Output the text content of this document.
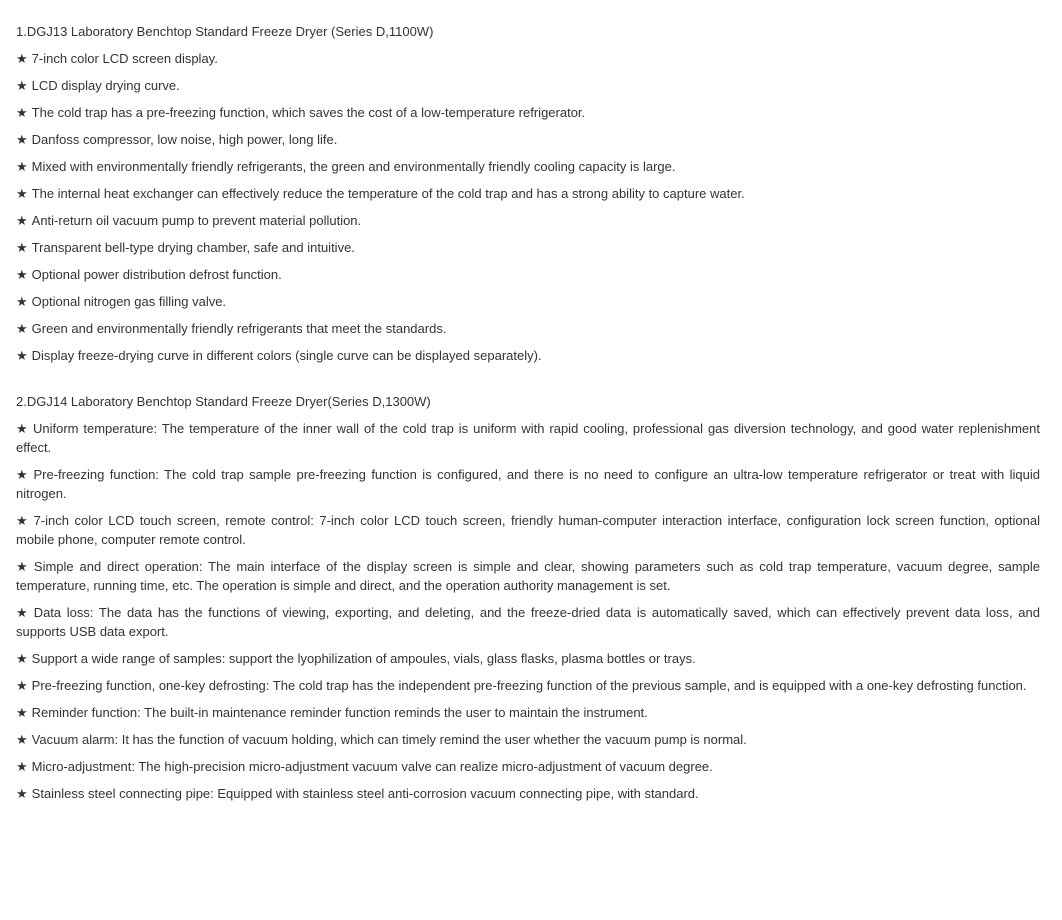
1.DGJ13 Laboratory Benchtop Standard Freeze Dryer (Series D,1100W)

★ 7-inch color LCD screen display.
★ LCD display drying curve.
★ The cold trap has a pre-freezing function, which saves the cost of a low-temperature refrigerator.
★ Danfoss compressor, low noise, high power, long life.
★ Mixed with environmentally friendly refrigerants, the green and environmentally friendly cooling capacity is large.
★ The internal heat exchanger can effectively reduce the temperature of the cold trap and has a strong ability to capture water.
★ Anti-return oil vacuum pump to prevent material pollution.
★ Transparent bell-type drying chamber, safe and intuitive.
★ Optional power distribution defrost function.
★ Optional nitrogen gas filling valve.
★ Green and environmentally friendly refrigerants that meet the standards.
★ Display freeze-drying curve in different colors (single curve can be displayed separately).

2.DGJ14 Laboratory Benchtop Standard Freeze Dryer(Series D,1300W)

★ Uniform temperature: The temperature of the inner wall of the cold trap is uniform with rapid cooling, professional gas diversion technology, and good water replenishment effect.
★ Pre-freezing function: The cold trap sample pre-freezing function is configured, and there is no need to configure an ultra-low temperature refrigerator or treat with liquid nitrogen.
★ 7-inch color LCD touch screen, remote control: 7-inch color LCD touch screen, friendly human-computer interaction interface, configuration lock screen function, optional mobile phone, computer remote control.
★ Simple and direct operation: The main interface of the display screen is simple and clear, showing parameters such as cold trap temperature, vacuum degree, sample temperature, running time, etc. The operation is simple and direct, and the operation authority management is set.
★ Data loss: The data has the functions of viewing, exporting, and deleting, and the freeze-dried data is automatically saved, which can effectively prevent data loss, and supports USB data export.
★ Support a wide range of samples: support the lyophilization of ampoules, vials, glass flasks, plasma bottles or trays.
★ Pre-freezing function, one-key defrosting: The cold trap has the independent pre-freezing function of the previous sample, and is equipped with a one-key defrosting function.
★ Reminder function: The built-in maintenance reminder function reminds the user to maintain the instrument.
★ Vacuum alarm: It has the function of vacuum holding, which can timely remind the user whether the vacuum pump is normal.
★ Micro-adjustment: The high-precision micro-adjustment vacuum valve can realize micro-adjustment of vacuum degree.
★ Stainless steel connecting pipe: Equipped with stainless steel anti-corrosion vacuum connecting pipe, with standard.
